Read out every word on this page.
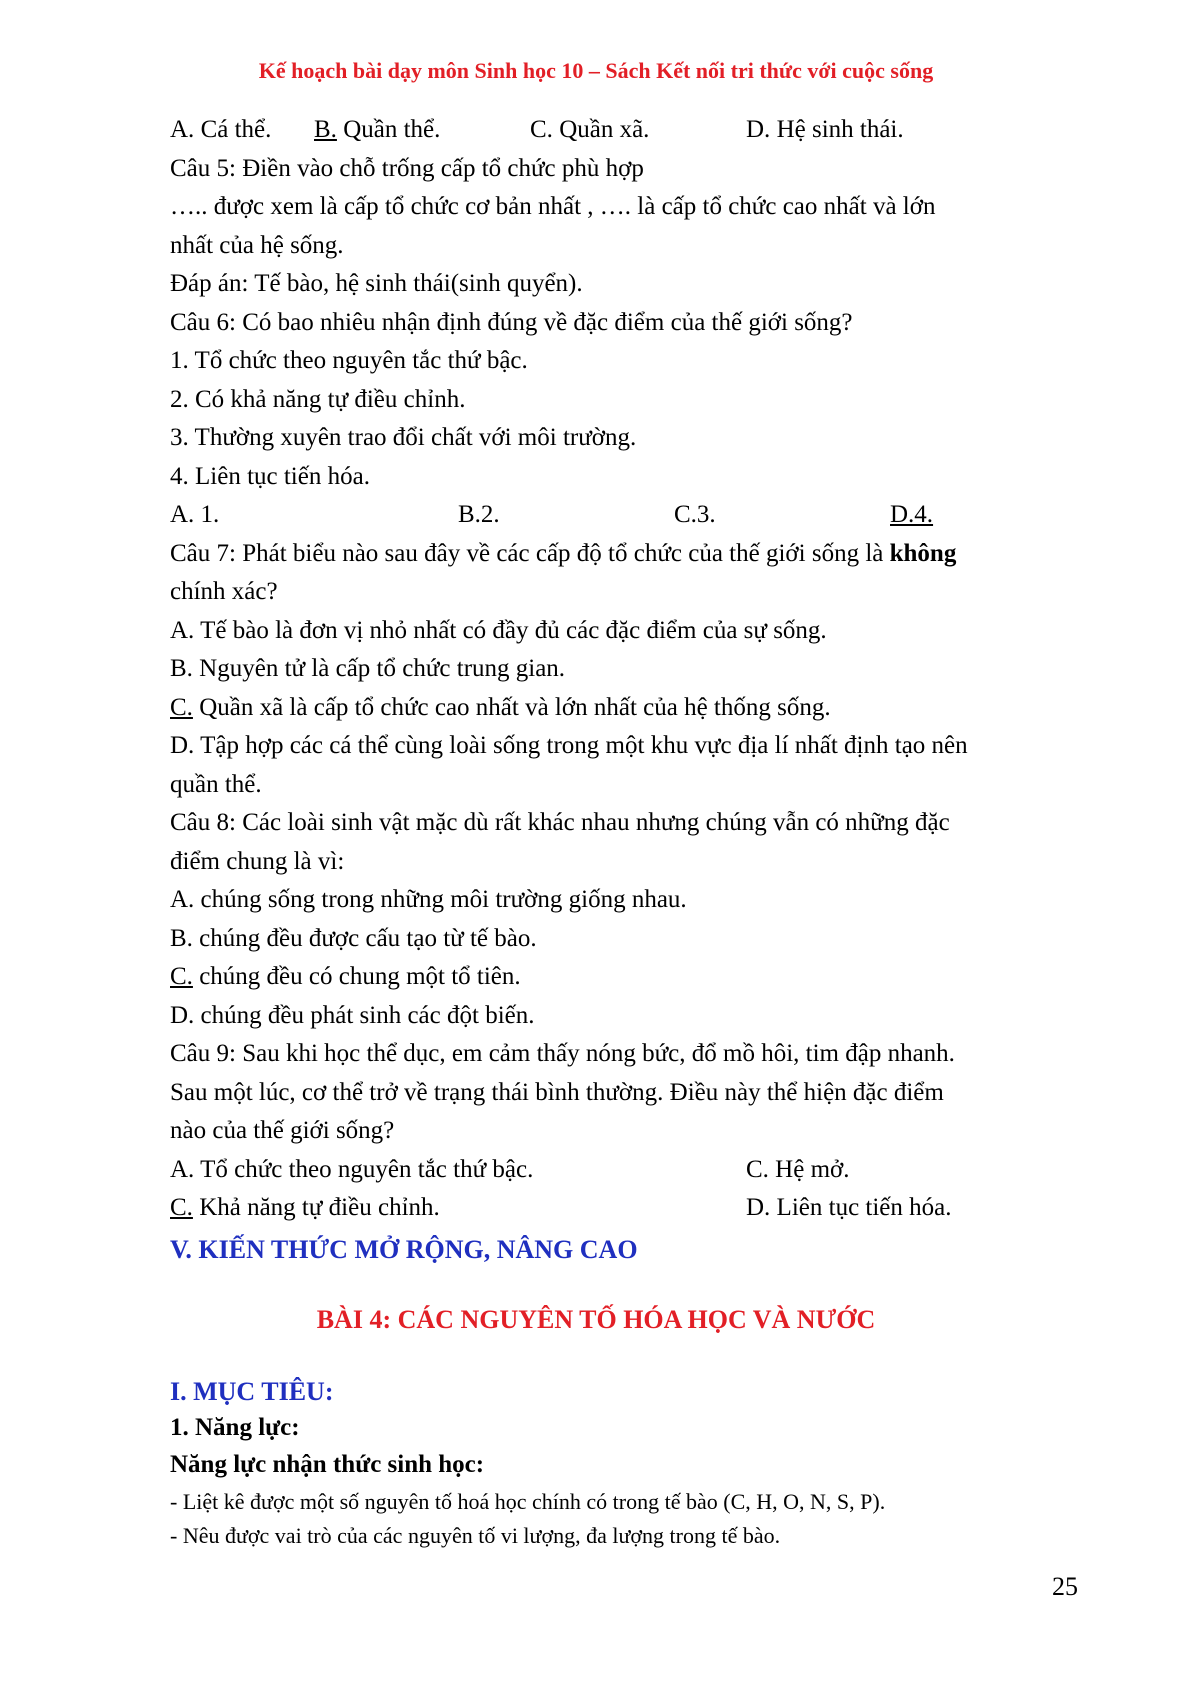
Kế hoạch bài dạy môn Sinh học 10 – Sách Kết nối tri thức với cuộc sống
A. Cá thể. B. Quần thể.	C. Quần xã.	D. Hệ sinh thái.
Câu 5: Điền vào chỗ trống cấp tổ chức phù hợp
….. được xem là cấp tổ chức cơ bản nhất , …. là cấp tổ chức cao nhất và lớn
nhất của hệ sống.
Đáp án: Tế bào, hệ sinh thái(sinh quyển).
Câu 6: Có bao nhiêu nhận định đúng về đặc điểm của thế giới sống?
1. Tổ chức theo nguyên tắc thứ bậc.
2. Có khả năng tự điều chỉnh.
3. Thường xuyên trao đổi chất với môi trường.
4. Liên tục tiến hóa.
A. 1.	B.2.	C.3.	D.4.
Câu 7: Phát biểu nào sau đây về các cấp độ tổ chức của thế giới sống là không
chính xác?
A. Tế bào là đơn vị nhỏ nhất có đầy đủ các đặc điểm của sự sống.
B. Nguyên tử là cấp tổ chức trung gian.
C. Quần xã là cấp tổ chức cao nhất và lớn nhất của hệ thống sống.
D. Tập hợp các cá thể cùng loài sống trong một khu vực địa lí nhất định tạo nên
quần thể.
Câu 8: Các loài sinh vật mặc dù rất khác nhau nhưng chúng vẫn có những đặc
điểm chung là vì:
A. chúng sống trong những môi trường giống nhau.
B. chúng đều được cấu tạo từ tế bào.
C. chúng đều có chung một tổ tiên.
D. chúng đều phát sinh các đột biến.
Câu 9: Sau khi học thể dục, em cảm thấy nóng bức, đổ mồ hôi, tim đập nhanh.
Sau một lúc, cơ thể trở về trạng thái bình thường. Điều này thể hiện đặc điểm
nào của thế giới sống?
A. Tổ chức theo nguyên tắc thứ bậc.	C. Hệ mở.
C. Khả năng tự điều chỉnh.	D. Liên tục tiến hóa.
V. KIẾN THỨC MỞ RỘNG, NÂNG CAO
BÀI 4: CÁC NGUYÊN TỐ HÓA HỌC VÀ NƯỚC
I. MỤC TIÊU:
1. Năng lực:
Năng lực nhận thức sinh học:
- Liệt kê được một số nguyên tố hoá học chính có trong tế bào (C, H, O, N, S, P).
- Nêu được vai trò của các nguyên tố vi lượng, đa lượng trong tế bào.
25
